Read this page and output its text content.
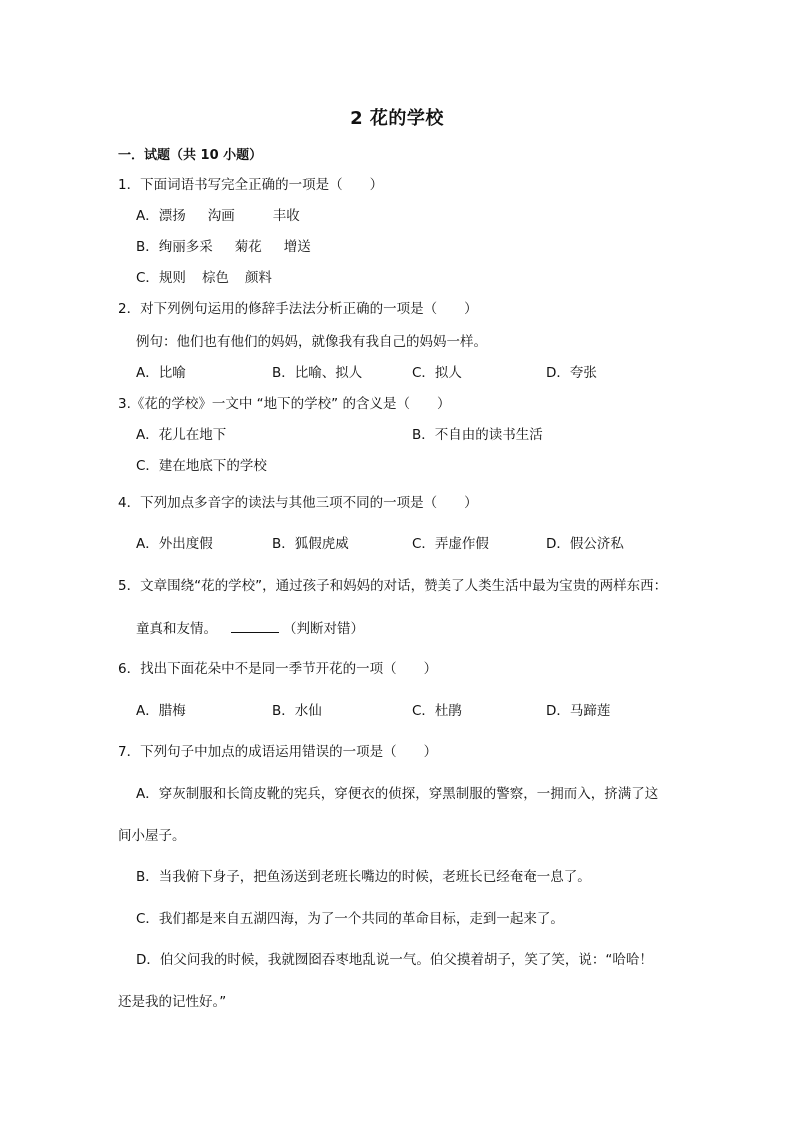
2 花的学校
一．试题（共 10 小题）
1．下面词语书写完全正确的一项是（　　）
A．漂扬 沟画	丰收
B．绚丽多采 菊花 增送
C．规则 棕色 颜料
2．对下列例句运用的修辞手法法分析正确的一项是（　　）
例句：他们也有他们的妈妈，就像我有我自己的妈妈一样。
A．比喻	B．比喻、拟人	C．拟人	D．夸张
3.《花的学校》一文中 “地下的学校” 的含义是（　　）
A．花儿在地下	B．不自由的读书生活
C．建在地底下的学校
4．下列加点多音字的读法与其他三项不同的一项是（　　）
A．外出度假	B．狐假虎威	C．弄虚作假	D．假公济私
5．文章围绕“花的学校”，通过孩子和妈妈的对话，赞美了人类生活中最为宝贵的两样东西：
童真和友情。	（判断对错）
6．找出下面花朵中不是同一季节开花的一项（　　）
A．腊梅	B．水仙	C．杜鹃	D．马蹄莲
7．下列句子中加点的成语运用错误的一项是（　　）
A．穿灰制服和长筒皮靴的宪兵，穿便衣的侦探，穿黑制服的警察，一拥而入，挤满了这
间小屋子。
B．当我俯下身子，把鱼汤送到老班长嘴边的时候，老班长已经奄奄一息了。
C．我们都是来自五湖四海，为了一个共同的革命目标，走到一起来了。
D．伯父问我的时候，我就囫囵吞枣地乱说一气。伯父摸着胡子，笑了笑，说：“哈哈！
还是我的记性好。”
